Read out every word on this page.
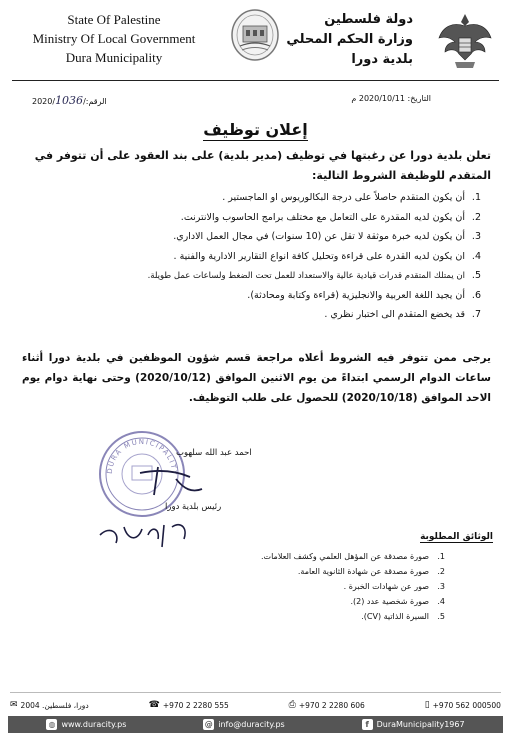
State Of Palestine
Ministry Of Local Government
Dura Municipality
دولة فلسطين
وزارة الحكم المحلي
بلدية دورا
الرقم:/2020/1036	التاريخ: 2020/10/11 م
إعلان توظيف
تعلن بلدية دورا عن رغبتها في توظيف (مدير بلدية) على بند العقود على أن تتوفر في المتقدم للوظيفة الشروط التالية:
1.
أن يكون المتقدم حاصلاً على درجة البكالوريوس او الماجستير .
2.
أن يكون لديه المقدرة على التعامل مع مختلف برامج الحاسوب والانترنت.
3.
أن يكون لديه خبرة موثقة لا تقل عن (10 سنوات) في مجال العمل الاداري.
4.
ان يكون لديه القدرة على قراءة وتحليل كافة انواع التقارير الادارية والفنية .
5.
ان يمتلك المتقدم قدرات قيادية عالية والاستعداد للعمل تحت الضغط ولساعات عمل طويلة.
6.
أن يجيد اللغة العربية والانجليزية (قراءة وكتابة ومحادثة).
7.
قد يخضع المتقدم الى اختبار نظري .
يرجى ممن تتوفر فيه الشروط أعلاه مراجعة قسم شؤون الموظفين في بلدية دورا أثناء ساعات الدوام الرسمي ابتداءً من يوم الاثنين الموافق (2020/10/12) وحتى نهاية دوام يوم الاحد الموافق (2020/10/18) للحصول على طلب التوظيف.
DURA MUNICIPALITY
احمد عبد الله سلهوب
رئيس بلدية دورا
الوثائق المطلوبة
1.
صورة مصدقة عن المؤهل العلمي وكشف العلامات.
2.
صورة مصدقة عن شهادة الثانوية العامة.
3.
صور عن شهادات الخبرة .
4.
صورة شخصية عدد (2).
5.
السيرة الذاتية (CV).
✉ 2004 .دورا، فلسطين	☎ +970 2 2280 555	⎙ +970 2 2280 606	▯ +970 562 000500
◍ www.duracity.ps	@ info@duracity.ps	f DuraMunicipality1967
